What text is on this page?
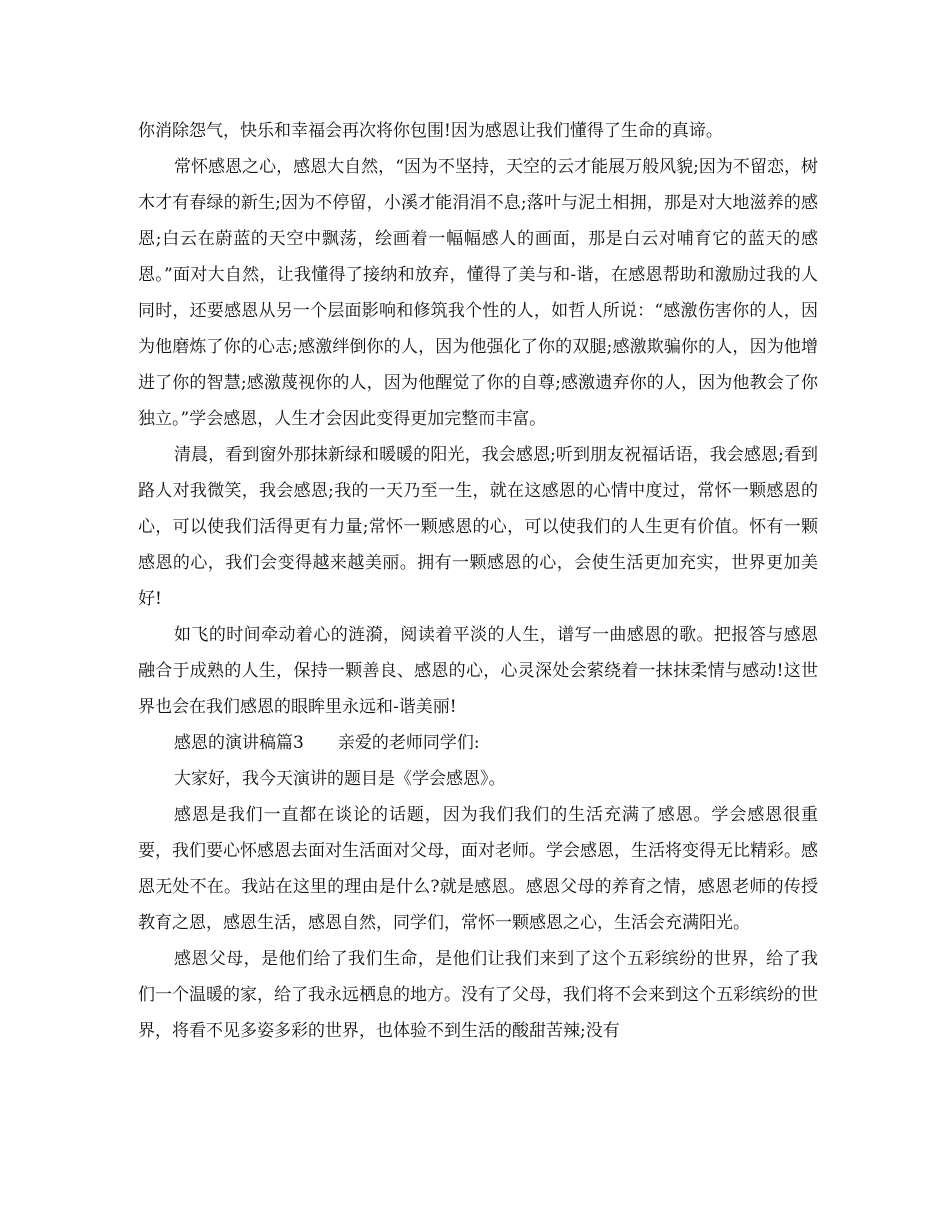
你消除怨气，快乐和幸福会再次将你包围!因为感恩让我们懂得了生命的真谛。

常怀感恩之心，感恩大自然，“因为不坚持，天空的云才能展万般风貌;因为不留恋，树木才有春绿的新生;因为不停留，小溪才能涓涓不息;落叶与泥土相拥，那是对大地滋养的感恩;白云在蔚蓝的天空中飘荡，绘画着一幅幅感人的画面，那是白云对哺育它的蓝天的感恩。”面对大自然，让我懂得了接纳和放弃，懂得了美与和-谐，在感恩帮助和激励过我的人同时，还要感恩从另一个层面影响和修筑我个性的人，如哲人所说：“感激伤害你的人，因为他磨炼了你的心志;感激绊倒你的人，因为他强化了你的双腿;感激欺骗你的人，因为他增进了你的智慧;感激蔑视你的人，因为他醒觉了你的自尊;感激遗弃你的人，因为他教会了你独立。”学会感恩，人生才会因此变得更加完整而丰富。

清晨，看到窗外那抹新绿和暖暖的阳光，我会感恩;听到朋友祝福话语，我会感恩;看到路人对我微笑，我会感恩;我的一天乃至一生，就在这感恩的心情中度过，常怀一颗感恩的心，可以使我们活得更有力量;常怀一颗感恩的心，可以使我们的人生更有价值。怀有一颗感恩的心，我们会变得越来越美丽。拥有一颗感恩的心，会使生活更加充实，世界更加美好!

如飞的时间牵动着心的涟漪，阅读着平淡的人生，谱写一曲感恩的歌。把报答与感恩融合于成熟的人生，保持一颗善良、感恩的心，心灵深处会萦绕着一抹抹柔情与感动!这世界也会在我们感恩的眼眸里永远和-谐美丽!

感恩的演讲稿篇3 亲爱的老师同学们:

大家好，我今天演讲的题目是《学会感恩》。

感恩是我们一直都在谈论的话题，因为我们我们的生活充满了感恩。学会感恩很重要，我们要心怀感恩去面对生活面对父母，面对老师。学会感恩，生活将变得无比精彩。感恩无处不在。我站在这里的理由是什么?就是感恩。感恩父母的养育之情，感恩老师的传授教育之恩，感恩生活，感恩自然，同学们，常怀一颗感恩之心，生活会充满阳光。

感恩父母，是他们给了我们生命，是他们让我们来到了这个五彩缤纷的世界，给了我们一个温暖的家，给了我永远栖息的地方。没有了父母，我们将不会来到这个五彩缤纷的世界，将看不见多姿多彩的世界，也体验不到生活的酸甜苦辣;没有
